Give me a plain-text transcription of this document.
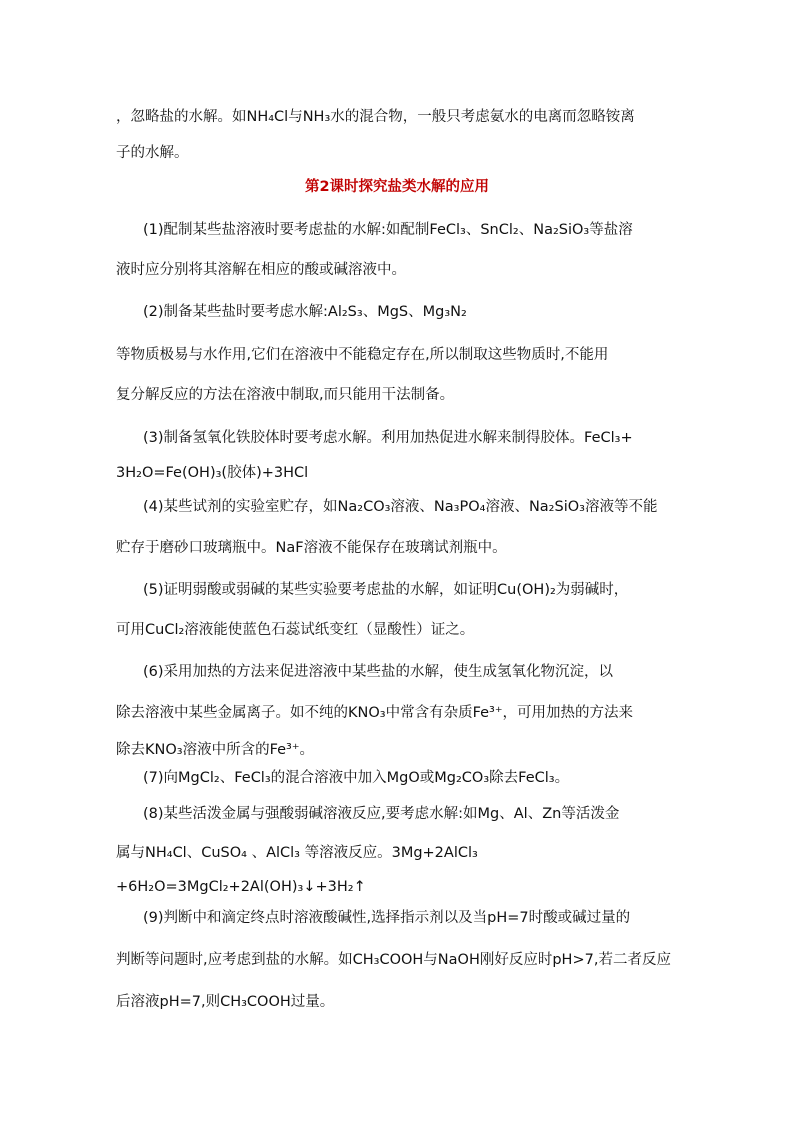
，忽略盐的水解。如NH₄Cl与NH₃水的混合物，一般只考虑氨水的电离而忽略铵离
子的水解。
第2课时探究盐类水解的应用
(1)配制某些盐溶液时要考虑盐的水解:如配制FeCl₃、SnCl₂、Na₂SiO₃等盐溶
液时应分别将其溶解在相应的酸或碱溶液中。
(2)制备某些盐时要考虑水解:Al₂S₃、MgS、Mg₃N₂
等物质极易与水作用,它们在溶液中不能稳定存在,所以制取这些物质时,不能用
复分解反应的方法在溶液中制取,而只能用干法制备。
(3)制备氢氧化铁胶体时要考虑水解。利用加热促进水解来制得胶体。FeCl₃+
3H₂O=Fe(OH)₃(胶体)+3HCl
(4)某些试剂的实验室贮存，如Na₂CO₃溶液、Na₃PO₄溶液、Na₂SiO₃溶液等不能
贮存于磨砂口玻璃瓶中。NaF溶液不能保存在玻璃试剂瓶中。
(5)证明弱酸或弱碱的某些实验要考虑盐的水解，如证明Cu(OH)₂为弱碱时，
可用CuCl₂溶液能使蓝色石蕊试纸变红（显酸性）证之。
(6)采用加热的方法来促进溶液中某些盐的水解，使生成氢氧化物沉淀，以
除去溶液中某些金属离子。如不纯的KNO₃中常含有杂质Fe³⁺，可用加热的方法来
除去KNO₃溶液中所含的Fe³⁺。
(7)向MgCl₂、FeCl₃的混合溶液中加入MgO或Mg₂CO₃除去FeCl₃。
(8)某些活泼金属与强酸弱碱溶液反应,要考虑水解:如Mg、Al、Zn等活泼金
属与NH₄Cl、CuSO₄ 、AlCl₃ 等溶液反应。3Mg+2AlCl₃
+6H₂O=3MgCl₂+2Al(OH)₃↓+3H₂↑
(9)判断中和滴定终点时溶液酸碱性,选择指示剂以及当pH=7时酸或碱过量的
判断等问题时,应考虑到盐的水解。如CH₃COOH与NaOH刚好反应时pH>7,若二者反应
后溶液pH=7,则CH₃COOH过量。
